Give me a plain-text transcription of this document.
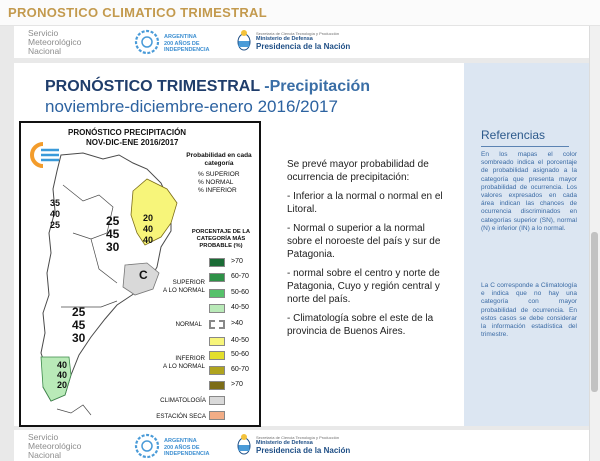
PRONOSTICO CLIMATICO TRIMESTRAL
Servicio
Meteorológico
Nacional
ARGENTINA
200 AÑOS DE
INDEPENDENCIA
Secretaría de Ciencia Tecnología y Producción
Ministerio de Defensa
Presidencia de la Nación
PRONÓSTICO TRIMESTRAL -Precipitación
noviembre-diciembre-enero 2016/2017
PRONÓSTICO PRECIPITACIÓN
NOV-DIC-ENE 2016/2017
Probabilidad en cada categoría
% SUPERIOR
% NORMAL
% INFERIOR
PORCENTAJE DE LA CATEGORÍA MÁS PROBABLE (%)
>70
60-70
50-60
40-50
>40
40-50
50-60
60-70
>70
SUPERIOR
A LO NORMAL
NORMAL
INFERIOR
A LO NORMAL
CLIMATOLOGÍA
ESTACIÓN SECA
35
40
25	25
45
30
20
40
40
C
25
45
30
40
40
20

Se prevé mayor probabilidad de ocurrencia de precipitación:

- Inferior a la normal o normal en el Litoral.

- Normal o superior a la normal sobre el noroeste del país y sur de Patagonia.

- normal sobre el centro y norte de Patagonia, Cuyo y región central y norte del país.

- Climatología sobre el este de la provincia de Buenos Aires.

Referencias
En los mapas el color sombreado indica el porcentaje de probabilidad asignado a la categoría que presenta mayor probabilidad de ocurrencia. Los valores expresados en cada área indican las chances de ocurrencia discriminados en categorías superior (SN), normal (N) e inferior (IN) a lo normal.
La C corresponde a Climatología e indica que no hay una categoría con mayor probabilidad de ocurrencia. En estos casos se debe considerar la información estadística del trimestre.
Servicio
Meteorológico
Nacional
ARGENTINA
200 AÑOS DE
INDEPENDENCIA
Secretaría de Ciencia Tecnología y Producción
Ministerio de Defensa
Presidencia de la Nación
